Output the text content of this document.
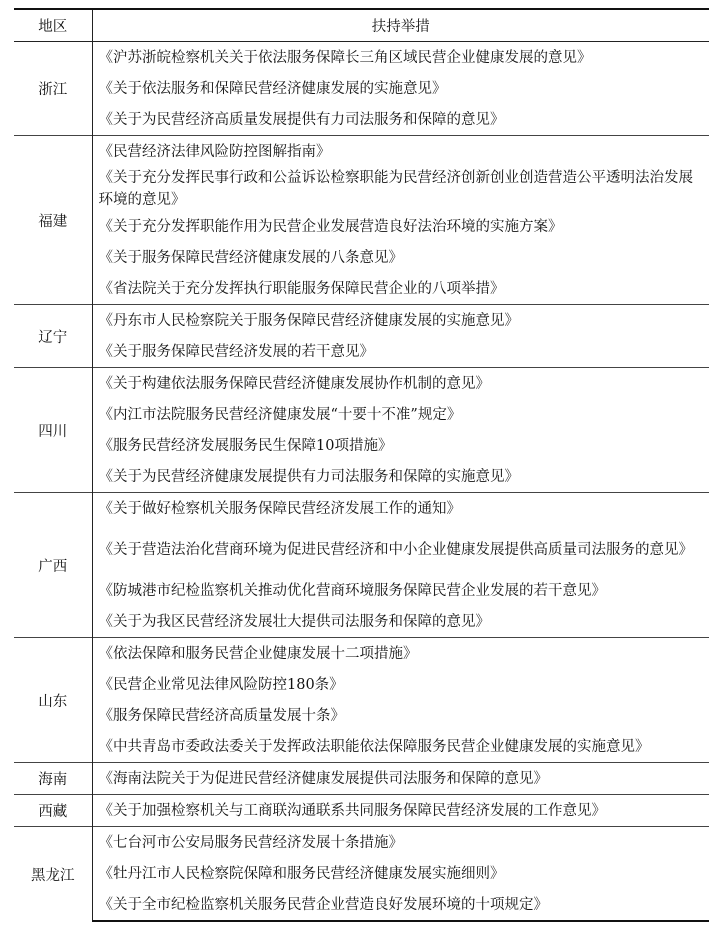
地区	扶持举措
浙江	《沪苏浙皖检察机关关于依法服务保障长三角区域民营企业健康发展的意见》
	《关于依法服务和保障民营经济健康发展的实施意见》
	《关于为民营经济高质量发展提供有力司法服务和保障的意见》
福建	《民营经济法律风险防控图解指南》
	《关于充分发挥民事行政和公益诉讼检察职能为民营经济创新创业创造营造公平透明法治发展环境的意见》
	《关于充分发挥职能作用为民营企业发展营造良好法治环境的实施方案》
	《关于服务保障民营经济健康发展的八条意见》
	《省法院关于充分发挥执行职能服务保障民营企业的八项举措》
辽宁	《丹东市人民检察院关于服务保障民营经济健康发展的实施意见》
	《关于服务保障民营经济发展的若干意见》
四川	《关于构建依法服务保障民营经济健康发展协作机制的意见》
	《内江市法院服务民营经济健康发展“十要十不准”规定》
	《服务民营经济发展服务民生保障10项措施》
	《关于为民营经济健康发展提供有力司法服务和保障的实施意见》
广西	《关于做好检察机关服务保障民营经济发展工作的通知》
	《关于营造法治化营商环境为促进民营经济和中小企业健康发展提供高质量司法服务的意见》
	《防城港市纪检监察机关推动优化营商环境服务保障民营企业发展的若干意见》
	《关于为我区民营经济发展壮大提供司法服务和保障的意见》
山东	《依法保障和服务民营企业健康发展十二项措施》
	《民营企业常见法律风险防控180条》
	《服务保障民营经济高质量发展十条》
	《中共青岛市委政法委关于发挥政法职能依法保障服务民营企业健康发展的实施意见》
海南	《海南法院关于为促进民营经济健康发展提供司法服务和保障的意见》
西藏	《关于加强检察机关与工商联沟通联系共同服务保障民营经济发展的工作意见》
黑龙江	《七台河市公安局服务民营经济发展十条措施》
	《牡丹江市人民检察院保障和服务民营经济健康发展实施细则》
	《关于全市纪检监察机关服务民营企业营造良好发展环境的十项规定》
